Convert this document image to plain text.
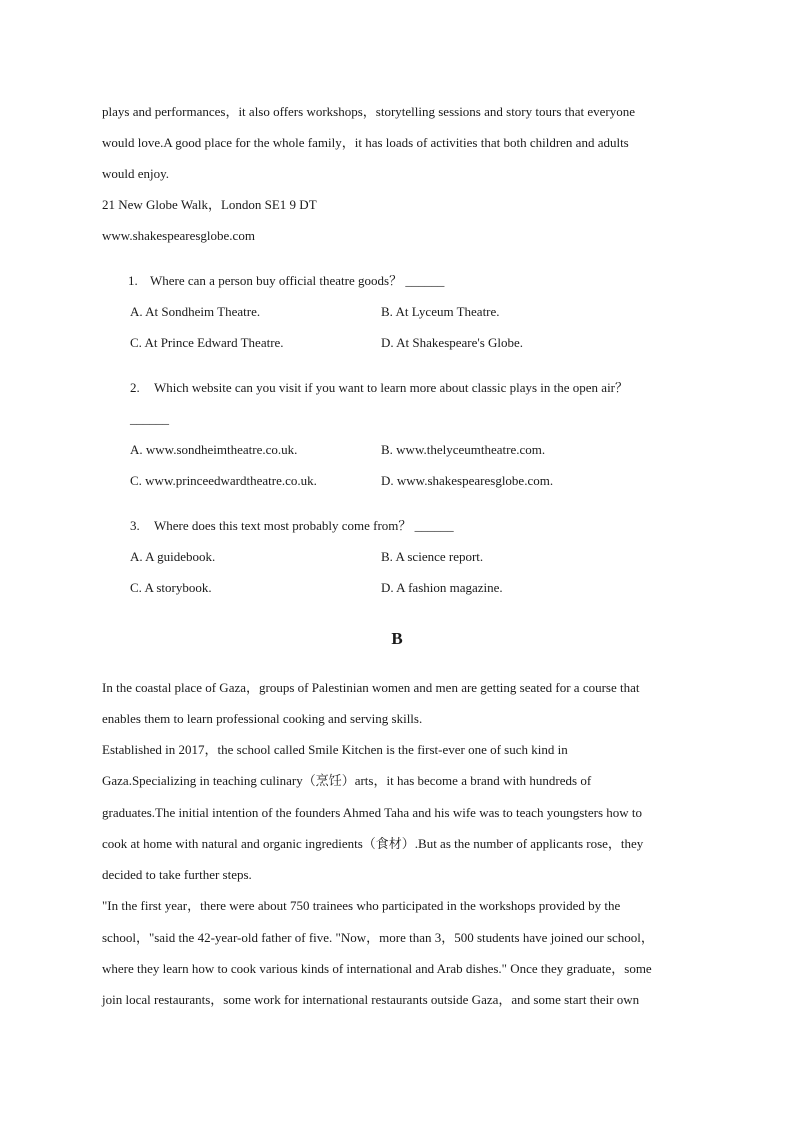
plays and performances，it also offers workshops，storytelling sessions and story tours that everyone
would love.A good place for the whole family，it has loads of activities that both children and adults
would enjoy.
21 New Globe Walk，London SE1 9 DT
www.shakespearesglobe.com
1. Where can a person buy official theatre goods？ ______
A. At Sondheim Theatre.	B. At Lyceum Theatre.
C. At Prince Edward Theatre.	D. At Shakespeare's Globe.
2. Which website can you visit if you want to learn more about classic plays in the open air？
______
A. www.sondheimtheatre.co.uk.	B. www.thelyceumtheatre.com.
C. www.princeedwardtheatre.co.uk.	D. www.shakespearesglobe.com.
3. Where does this text most probably come from？ ______
A. A guidebook.	B. A science report.
C. A storybook.	D. A fashion magazine.
B
In the coastal place of Gaza，groups of Palestinian women and men are getting seated for a course that
enables them to learn professional cooking and serving skills.
Established in 2017，the school called Smile Kitchen is the first-ever one of such kind in
Gaza.Specializing in teaching culinary（烹饪）arts，it has become a brand with hundreds of
graduates.The initial intention of the founders Ahmed Taha and his wife was to teach youngsters how to
cook at home with natural and organic ingredients（食材）.But as the number of applicants rose，they
decided to take further steps.
"In the first year，there were about 750 trainees who participated in the workshops provided by the
school，"said the 42-year-old father of five. "Now，more than 3，500 students have joined our school，
where they learn how to cook various kinds of international and Arab dishes." Once they graduate，some
join local restaurants，some work for international restaurants outside Gaza，and some start their own
